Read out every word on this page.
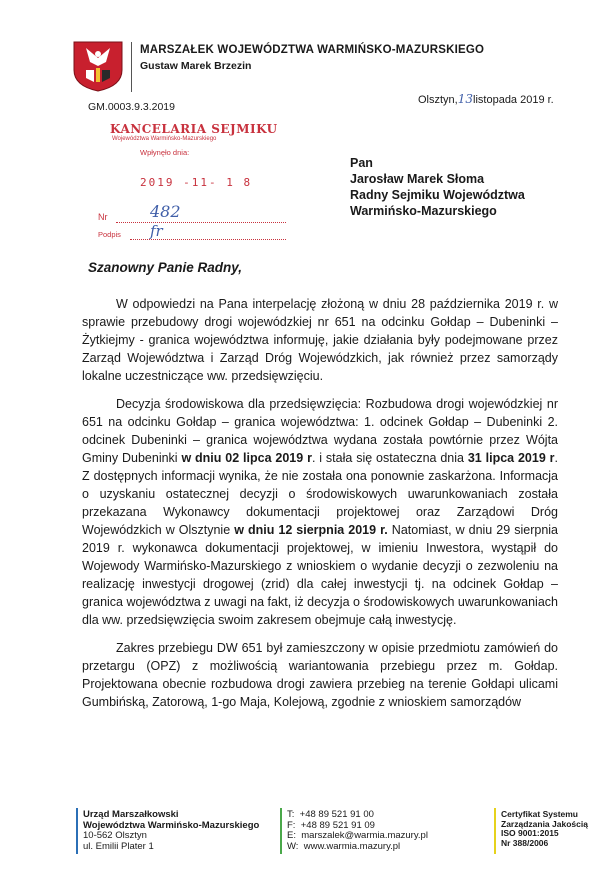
MARSZAŁEK WOJEWÓDZTWA WARMIŃSKO-MAZURSKIEGO
Gustaw Marek Brzezin
Olsztyn,13listopada 2019 r.
GM.0003.9.3.2019
KANCELARIA SEJMIKU
Województwa Warmińsko-Mazurskiego
Wpłynęło dnia:
2019 -11- 1 8
Nr	482
Podpis fr
Pan
Jarosław Marek Słoma
Radny Sejmiku Województwa
Warmińsko-Mazurskiego
Szanowny Panie Radny,

W odpowiedzi na Pana interpelację złożoną w dniu 28 października 2019 r. w sprawie przebudowy drogi wojewódzkiej nr 651 na odcinku Gołdap – Dubeninki – Żytkiejmy - granica województwa informuję, jakie działania były podejmowane przez Zarząd Województwa i Zarząd Dróg Wojewódzkich, jak również przez samorządy lokalne uczestniczące ww. przedsięwzięciu.

Decyzja środowiskowa dla przedsięwzięcia: Rozbudowa drogi wojewódzkiej nr 651 na odcinku Gołdap – granica województwa: 1. odcinek Gołdap – Dubeninki 2. odcinek Dubeninki – granica województwa wydana została powtórnie przez Wójta Gminy Dubeninki w dniu 02 lipca 2019 r. i stała się ostateczna dnia 31 lipca 2019 r. Z dostępnych informacji wynika, że nie została ona ponownie zaskarżona. Informacja o uzyskaniu ostatecznej decyzji o środowiskowych uwarunkowaniach została przekazana Wykonawcy dokumentacji projektowej oraz Zarządowi Dróg Wojewódzkich w Olsztynie w dniu 12 sierpnia 2019 r. Natomiast, w dniu 29 sierpnia 2019 r. wykonawca dokumentacji projektowej, w imieniu Inwestora, wystąpił do Wojewody Warmińsko-Mazurskiego z wnioskiem o wydanie decyzji o zezwoleniu na realizację inwestycji drogowej (zrid) dla całej inwestycji tj. na odcinek Gołdap – granica województwa z uwagi na fakt, iż decyzja o środowiskowych uwarunkowaniach dla ww. przedsięwzięcia swoim zakresem obejmuje całą inwestycję.

Zakres przebiegu DW 651 był zamieszczony w opisie przedmiotu zamówień do przetargu (OPZ) z możliwością wariantowania przebiegu przez m. Gołdap. Projektowana obecnie rozbudowa drogi zawiera przebieg na terenie Gołdapi ulicami Gumbińską, Zatorową, 1-go Maja, Kolejową, zgodnie z wnioskiem samorządów

Urząd Marszałkowski
Województwa Warmińsko-Mazurskiego
10-562 Olsztyn
ul. Emilii Plater 1
T: +48 89 521 91 00
F: +48 89 521 91 09
E: marszalek@warmia.mazury.pl
W: www.warmia.mazury.pl
Certyfikat Systemu
Zarządzania Jakością
ISO 9001:2015
Nr 388/2006
